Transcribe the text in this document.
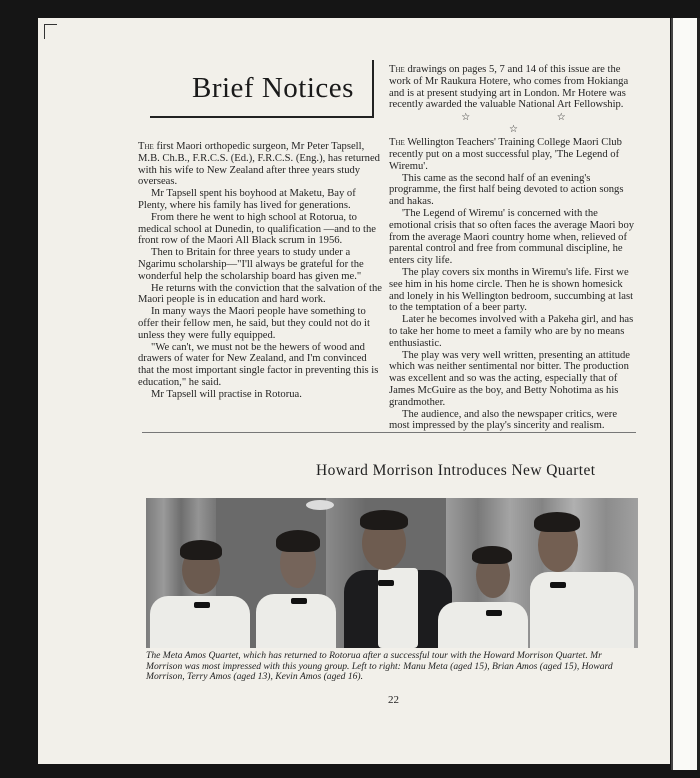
Brief Notices

The first Maori orthopedic surgeon, Mr Peter Tapsell, M.B. Ch.B., F.R.C.S. (Ed.), F.R.C.S. (Eng.), has returned with his wife to New Zealand after three years study overseas.

Mr Tapsell spent his boyhood at Maketu, Bay of Plenty, where his family has lived for generations.

From there he went to high school at Rotorua, to medical school at Dunedin, to qualification —and to the front row of the Maori All Black scrum in 1956.

Then to Britain for three years to study under a Ngarimu scholarship—"I'll always be grateful for the wonderful help the scholarship board has given me."

He returns with the conviction that the salvation of the Maori people is in education and hard work.

In many ways the Maori people have something to offer their fellow men, he said, but they could not do it unless they were fully equipped.

"We can't, we must not be the hewers of wood and drawers of water for New Zealand, and I'm convinced that the most important single factor in preventing this is education," he said.

Mr Tapsell will practise in Rotorua.

The drawings on pages 5, 7 and 14 of this issue are the work of Mr Raukura Hotere, who comes from Hokianga and is at present studying art in London. Mr Hotere was recently awarded the valuable National Art Fellowship.

☆ ☆ ☆

The Wellington Teachers' Training College Maori Club recently put on a most successful play, 'The Legend of Wiremu'.

This came as the second half of an evening's programme, the first half being devoted to action songs and hakas.

'The Legend of Wiremu' is concerned with the emotional crisis that so often faces the average Maori boy from the average Maori country home when, relieved of parental control and free from communal discipline, he enters city life.

The play covers six months in Wiremu's life. First we see him in his home circle. Then he is shown homesick and lonely in his Wellington bedroom, succumbing at last to the temptation of a beer party.

Later he becomes involved with a Pakeha girl, and has to take her home to meet a family who are by no means enthusiastic.

The play was very well written, presenting an attitude which was neither sentimental nor bitter. The production was excellent and so was the acting, especially that of James McGuire as the boy, and Betty Nohotima as his grandmother.

The audience, and also the newspaper critics, were most impressed by the play's sincerity and realism.

Howard Morrison Introduces New Quartet
The Meta Amos Quartet, which has returned to Rotorua after a successful tour with the Howard Morrison Quartet. Mr Morrison was most impressed with this young group. Left to right: Manu Meta (aged 15), Brian Amos (aged 15), Howard Morrison, Terry Amos (aged 13), Kevin Amos (aged 16).
22
